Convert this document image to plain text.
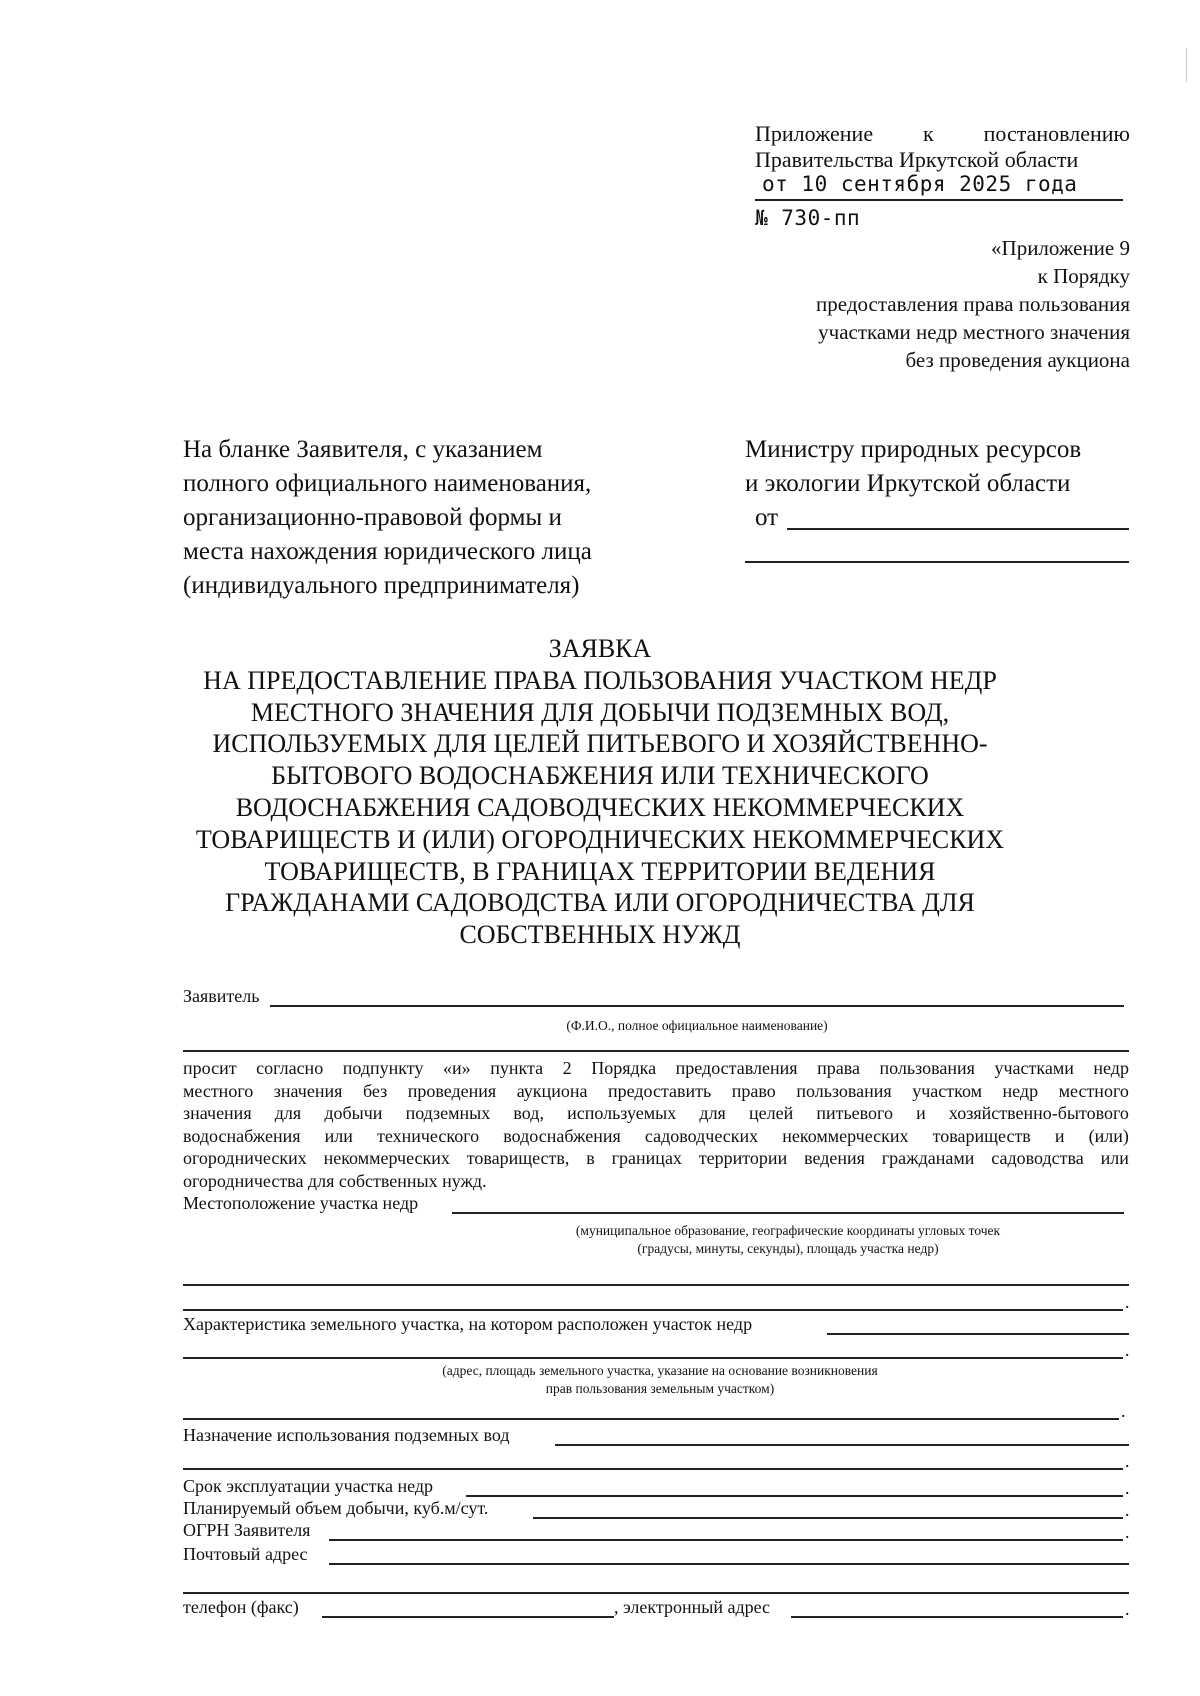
Приложение к постановлению
Правительства Иркутской области
от 10 сентября 2025 года
№ 730-пп
«Приложение 9
к Порядку
предоставления права пользования
участками недр местного значения
без проведения аукциона
На бланке Заявителя, с указанием
полного официального наименования,
организационно-правовой формы и
места нахождения юридического лица
(индивидуального предпринимателя)
Министру природных ресурсов
и экологии Иркутской области
от
ЗАЯВКА
НА ПРЕДОСТАВЛЕНИЕ ПРАВА ПОЛЬЗОВАНИЯ УЧАСТКОМ НЕДР
МЕСТНОГО ЗНАЧЕНИЯ ДЛЯ ДОБЫЧИ ПОДЗЕМНЫХ ВОД,
ИСПОЛЬЗУЕМЫХ ДЛЯ ЦЕЛЕЙ ПИТЬЕВОГО И ХОЗЯЙСТВЕННО-
БЫТОВОГО ВОДОСНАБЖЕНИЯ ИЛИ ТЕХНИЧЕСКОГО
ВОДОСНАБЖЕНИЯ САДОВОДЧЕСКИХ НЕКОММЕРЧЕСКИХ
ТОВАРИЩЕСТВ И (ИЛИ) ОГОРОДНИЧЕСКИХ НЕКОММЕРЧЕСКИХ
ТОВАРИЩЕСТВ, В ГРАНИЦАХ ТЕРРИТОРИИ ВЕДЕНИЯ
ГРАЖДАНАМИ САДОВОДСТВА ИЛИ ОГОРОДНИЧЕСТВА ДЛЯ
СОБСТВЕННЫХ НУЖД
Заявитель
(Ф.И.О., полное официальное наименование)
просит согласно подпункту «и» пункта 2 Порядка предоставления права пользования участками недр
местного значения без проведения аукциона предоставить право пользования участком недр местного
значения для добычи подземных вод, используемых для целей питьевого и хозяйственно-бытового
водоснабжения или технического водоснабжения садоводческих некоммерческих товариществ и (или)
огороднических некоммерческих товариществ, в границах территории ведения гражданами садоводства или
огородничества для собственных нужд.
Местоположение участка недр
(муниципальное образование, географические координаты угловых точек
(градусы, минуты, секунды), площадь участка недр)
.
Характеристика земельного участка, на котором расположен участок недр
.
(адрес, площадь земельного участка, указание на основание возникновения
прав пользования земельным участком)
.
Назначение использования подземных вод
.
Срок эксплуатации участка недр	.
Планируемый объем добычи, куб.м/сут.	.
ОГРН Заявителя	.
Почтовый адрес
телефон (факс)	, электронный адрес	.
